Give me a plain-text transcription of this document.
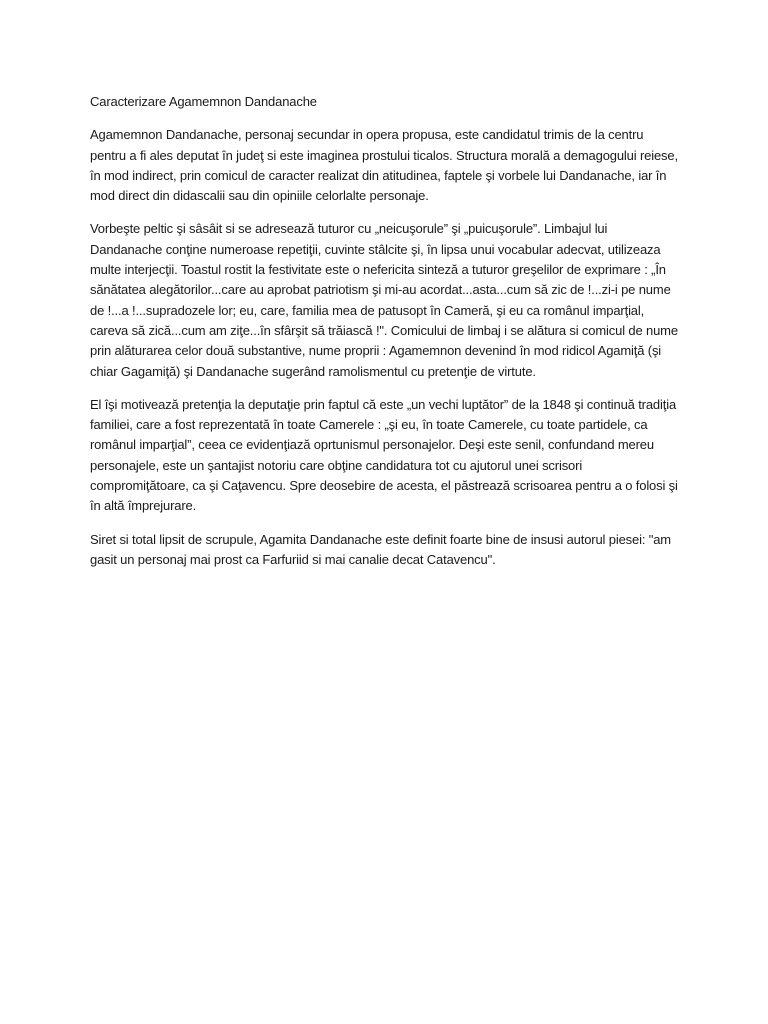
Caracterizare Agamemnon Dandanache

Agamemnon Dandanache, personaj secundar in opera propusa, este candidatul trimis de la centru pentru a fi ales deputat în judeţ si este imaginea prostului ticalos. Structura morală a demagogului reiese, în mod indirect, prin comicul de caracter realizat din atitudinea, faptele şi vorbele lui Dandanache, iar în mod direct din didascalii sau din opiniile celorlalte personaje.

Vorbeşte peltic şi sâsâit si se adresează tuturor cu „neicuşorule” şi „puicuşorule”. Limbajul lui Dandanache conţine numeroase repetiţii, cuvinte stâlcite şi, în lipsa unui vocabular adecvat, utilizeaza multe interjecţii. Toastul rostit la festivitate este o nefericita sinteză a tuturor greşelilor de exprimare : „În sănătatea alegătorilor...care au aprobat patriotism şi mi-au acordat...asta...cum să zic de !...zi-i pe nume de !...a !...supradozele lor; eu, care, familia mea de patusopt în Cameră, şi eu ca românul imparţial, careva să zică...cum am ziţe...în sfârşit să trăiască !". Comicului de limbaj i se alătura si comicul de nume prin alăturarea celor două substantive, nume proprii : Agamemnon devenind în mod ridicol Agamiţă (şi chiar Gagamiţă) şi Dandanache sugerând ramolismentul cu pretenţie de virtute.

El îşi motivează pretenţia la deputaţie prin faptul că este „un vechi luptător” de la 1848 şi continuă tradiţia familiei, care a fost reprezentată în toate Camerele : „şi eu, în toate Camerele, cu toate partidele, ca românul imparţial”, ceea ce evidenţiază oprtunismul personajelor. Deşi este senil, confundand mereu personajele, este un şantajist notoriu care obţine candidatura tot cu ajutorul unei scrisori compromiţătoare, ca şi Caţavencu. Spre deosebire de acesta, el păstrează scrisoarea pentru a o folosi şi în altă împrejurare.

Siret si total lipsit de scrupule, Agamita Dandanache este definit foarte bine de insusi autorul piesei: "am gasit un personaj mai prost ca Farfuriid si mai canalie decat Catavencu".
